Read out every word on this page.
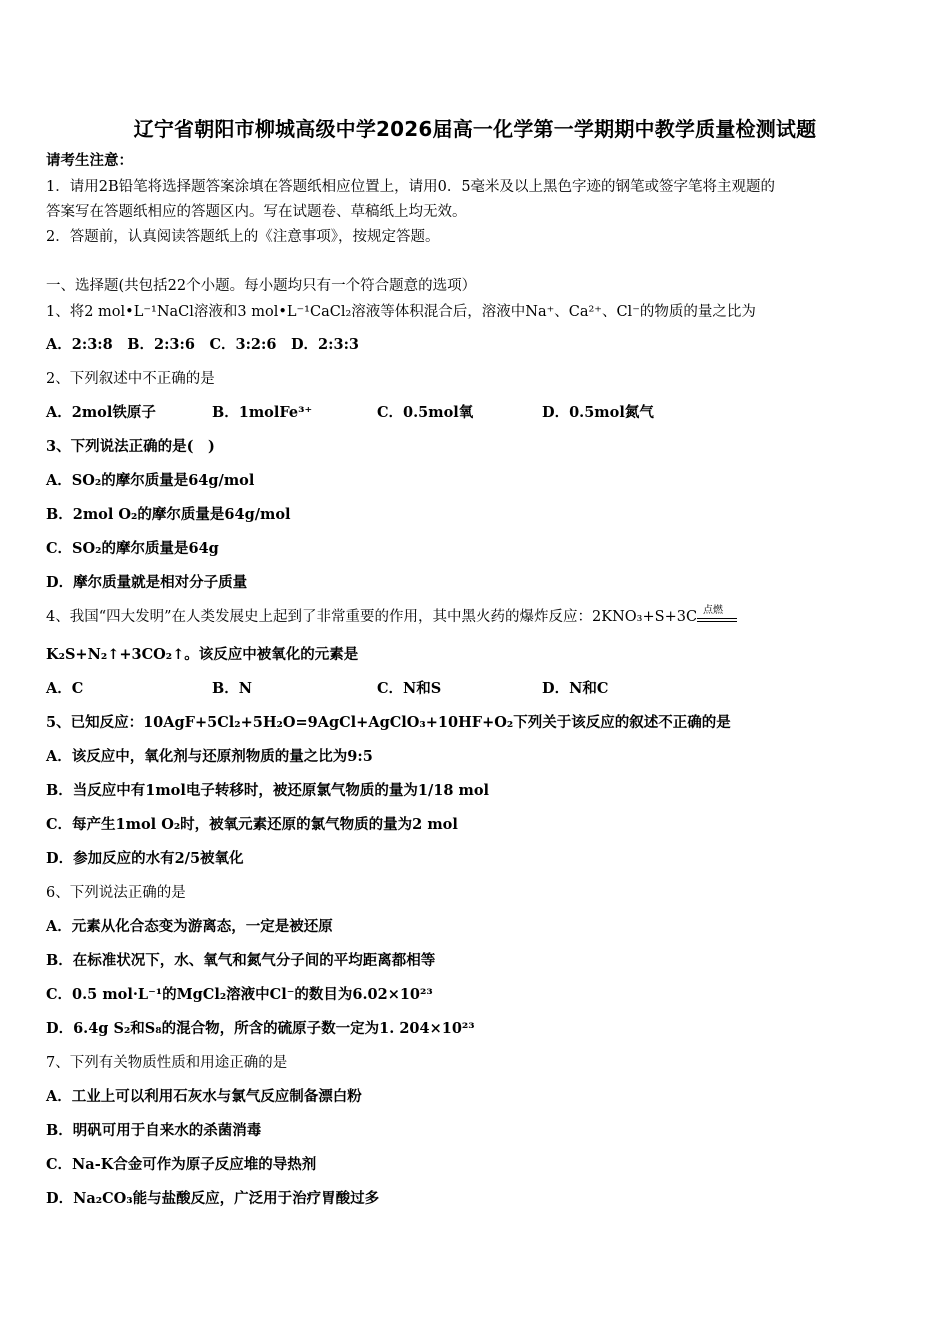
辽宁省朝阳市柳城高级中学2026届高一化学第一学期期中教学质量检测试题
请考生注意：
1．请用2B铅笔将选择题答案涂填在答题纸相应位置上，请用0．5毫米及以上黑色字迹的钢笔或签字笔将主观题的
答案写在答题纸相应的答题区内。写在试题卷、草稿纸上均无效。
2．答题前，认真阅读答题纸上的《注意事项》，按规定答题。
一、选择题(共包括22个小题。每小题均只有一个符合题意的选项）
1、将2 mol•L⁻¹NaCl溶液和3 mol•L⁻¹CaCl₂溶液等体积混合后，溶液中Na⁺、Ca²⁺、Cl⁻的物质的量之比为
A．2:3:8　B．2:3:6　C．3:2:6　D．2:3:3
2、下列叙述中不正确的是
A．2mol铁原子	B．1molFe³⁺	C．0.5mol氧	D．0.5mol氮气
3、下列说法正确的是(　)
A．SO₂的摩尔质量是64g/mol
B．2mol O₂的摩尔质量是64g/mol
C．SO₂的摩尔质量是64g
D．摩尔质量就是相对分子质量
4、我国“四大发明”在人类发展史上起到了非常重要的作用，其中黑火药的爆炸反应：2KNO₃+S+3C 点燃
K₂S+N₂↑+3CO₂↑。该反应中被氧化的元素是
A．C	B．N	C．N和S	D．N和C
5、已知反应：10AgF+5Cl₂+5H₂O=9AgCl+AgClO₃+10HF+O₂下列关于该反应的叙述不正确的是
A．该反应中，氧化剂与还原剂物质的量之比为9:5
B．当反应中有1mol电子转移时，被还原氯气物质的量为1/18 mol
C．每产生1mol O₂时，被氧元素还原的氯气物质的量为2 mol
D．参加反应的水有2/5被氧化
6、下列说法正确的是
A．元素从化合态变为游离态，一定是被还原
B．在标准状况下，水、氧气和氮气分子间的平均距离都相等
C．0.5 mol·L⁻¹的MgCl₂溶液中Cl⁻的数目为6.02×10²³
D．6.4g S₂和S₈的混合物，所含的硫原子数一定为1. 204×10²³
7、下列有关物质性质和用途正确的是
A．工业上可以利用石灰水与氯气反应制备漂白粉
B．明矾可用于自来水的杀菌消毒
C．Na-K合金可作为原子反应堆的导热剂
D．Na₂CO₃能与盐酸反应，广泛用于治疗胃酸过多
